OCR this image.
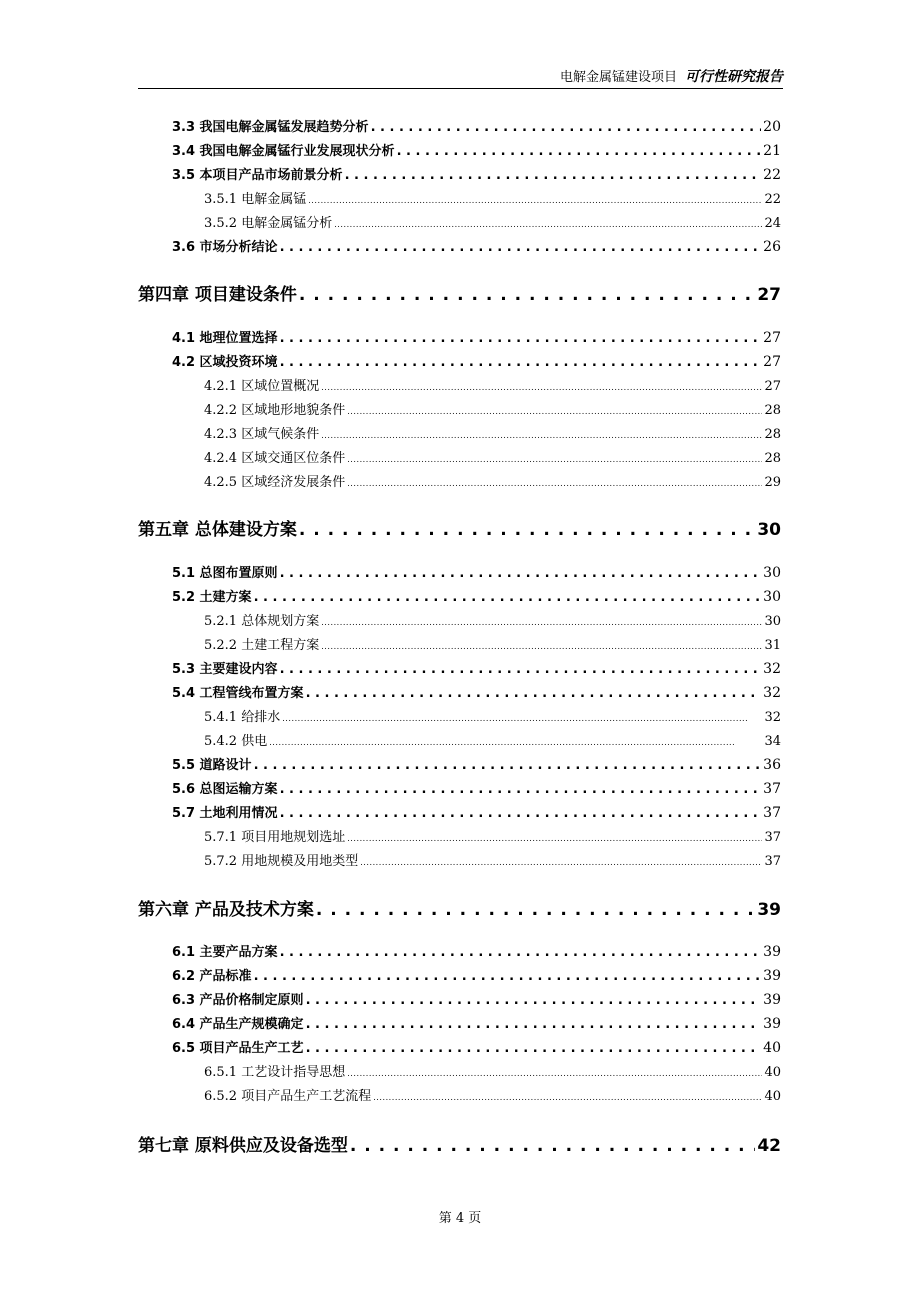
电解金属锰建设项目 可行性研究报告
3.3 我国电解金属锰发展趋势分析 . . .	20
3.4 我国电解金属锰行业发展现状分析 . . .	21
3.5 本项目产品市场前景分析 . . .	22
3.5.1 电解金属锰 . . .	22
3.5.2 电解金属锰分析 . . .	24
3.6 市场分析结论 . . .	26
第四章 项目建设条件 . . .	27
4.1 地理位置选择 . . .	27
4.2 区域投资环境 . . .	27
4.2.1 区域位置概况 . . .	27
4.2.2 区域地形地貌条件 . . .	28
4.2.3 区域气候条件 . . .	28
4.2.4 区域交通区位条件 . . .	28
4.2.5 区域经济发展条件 . . .	29
第五章 总体建设方案 . . .	30
5.1 总图布置原则 . . .	30
5.2 土建方案 . . .	30
5.2.1 总体规划方案 . . .	30
5.2.2 土建工程方案 . . .	31
5.3 主要建设内容 . . .	32
5.4 工程管线布置方案 . . .	32
5.4.1 给排水 . . .	32
5.4.2 供电 . . .	34
5.5 道路设计 . . .	36
5.6 总图运输方案 . . .	37
5.7 土地利用情况 . . .	37
5.7.1 项目用地规划选址 . . .	37
5.7.2 用地规模及用地类型 . . .	37
第六章 产品及技术方案 . . .	39
6.1 主要产品方案 . . .	39
6.2 产品标准 . . .	39
6.3 产品价格制定原则 . . .	39
6.4 产品生产规模确定 . . .	39
6.5 项目产品生产工艺 . . .	40
6.5.1 工艺设计指导思想 . . .	40
6.5.2 项目产品生产工艺流程 . . .	40
第七章 原料供应及设备选型 . . .	42
第 4 页
